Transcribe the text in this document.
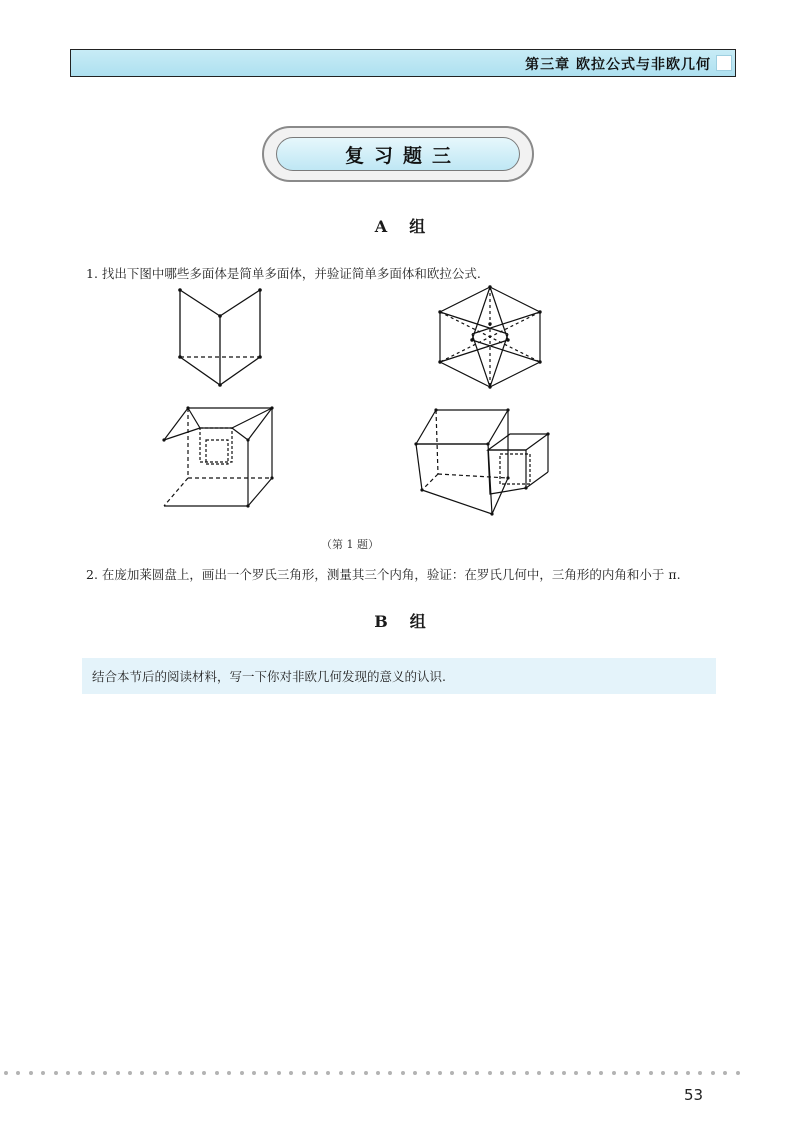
第三章 欧拉公式与非欧几何
复习题三
A 组
1. 找出下图中哪些多面体是简单多面体，并验证简单多面体和欧拉公式.
（第 1 题）
2. 在庞加莱圆盘上，画出一个罗氏三角形，测量其三个内角，验证：在罗氏几何中，三角形的内角和小于 π.
B 组
结合本节后的阅读材料，写一下你对非欧几何发现的意义的认识.
53
